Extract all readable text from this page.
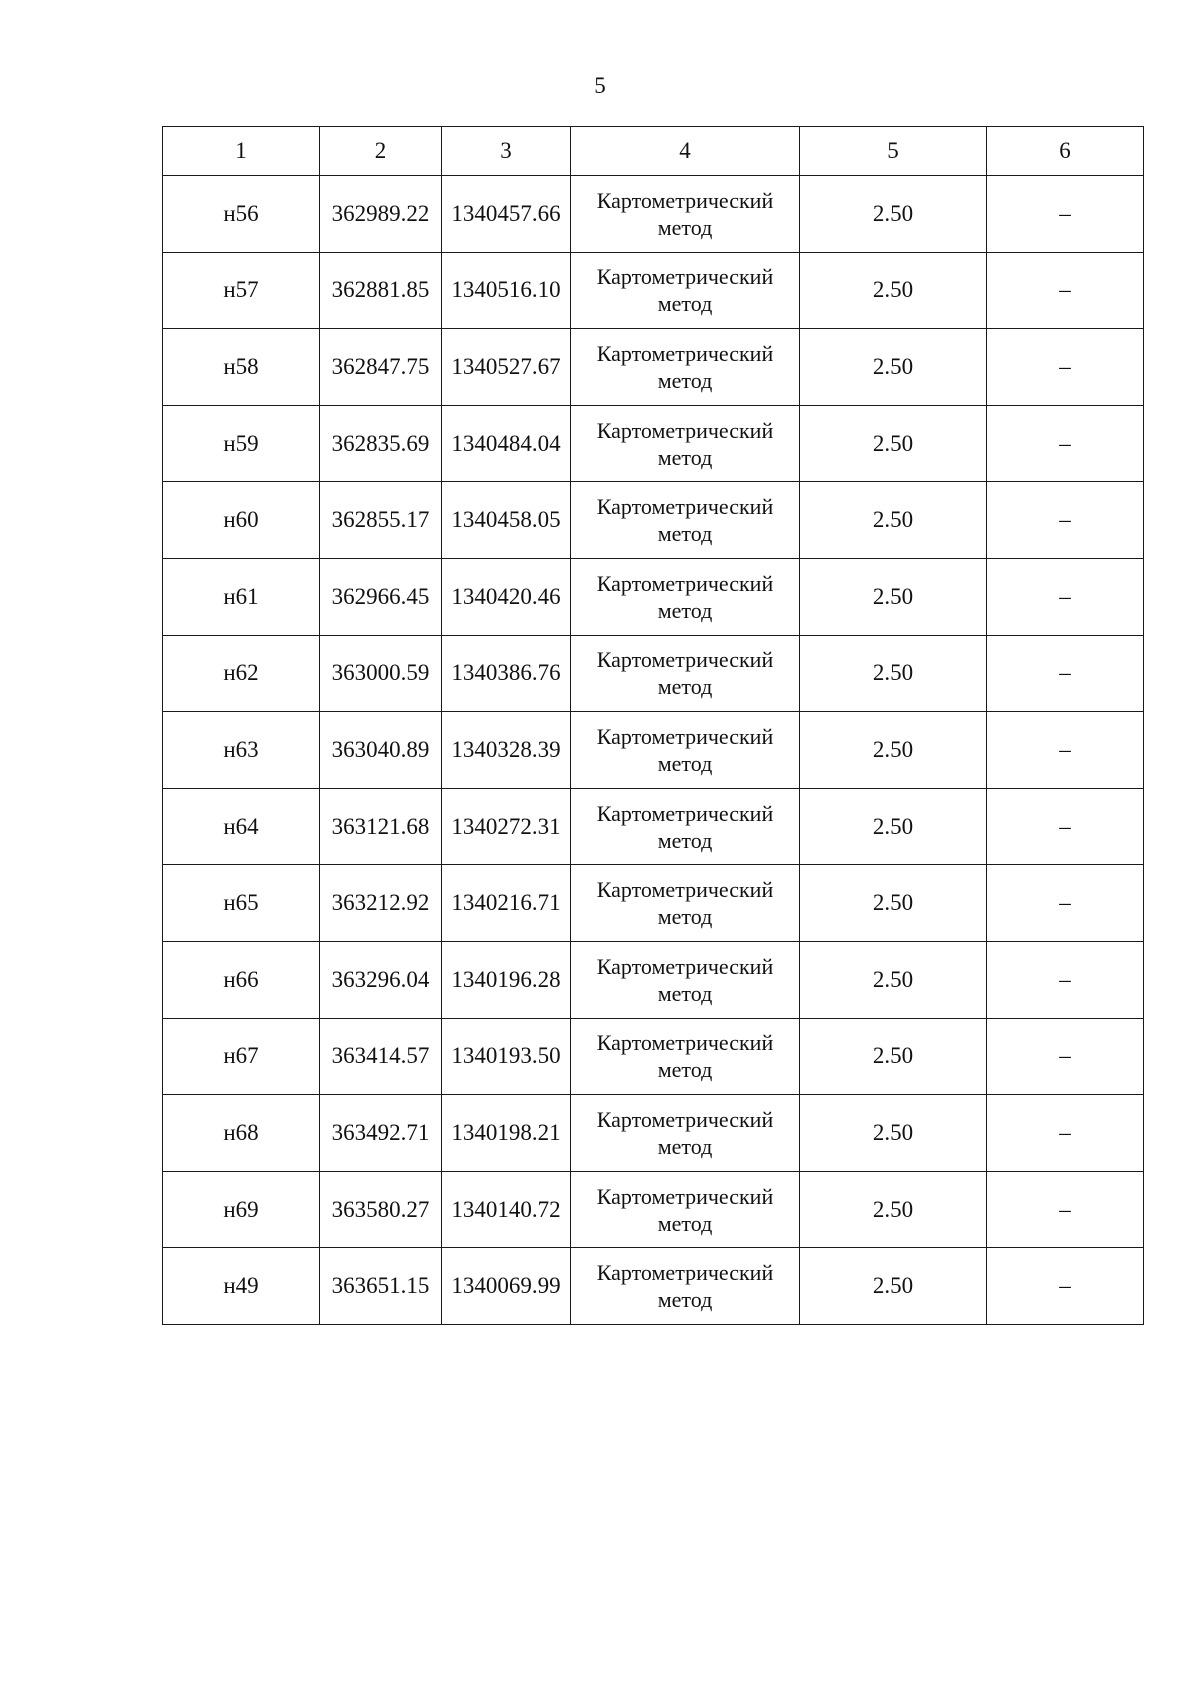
5
1	2	3	4	5	6
н56	362989.22	1340457.66	Картометрический метод	2.50	–
н57	362881.85	1340516.10	Картометрический метод	2.50	–
н58	362847.75	1340527.67	Картометрический метод	2.50	–
н59	362835.69	1340484.04	Картометрический метод	2.50	–
н60	362855.17	1340458.05	Картометрический метод	2.50	–
н61	362966.45	1340420.46	Картометрический метод	2.50	–
н62	363000.59	1340386.76	Картометрический метод	2.50	–
н63	363040.89	1340328.39	Картометрический метод	2.50	–
н64	363121.68	1340272.31	Картометрический метод	2.50	–
н65	363212.92	1340216.71	Картометрический метод	2.50	–
н66	363296.04	1340196.28	Картометрический метод	2.50	–
н67	363414.57	1340193.50	Картометрический метод	2.50	–
н68	363492.71	1340198.21	Картометрический метод	2.50	–
н69	363580.27	1340140.72	Картометрический метод	2.50	–
н49	363651.15	1340069.99	Картометрический метод	2.50	–
